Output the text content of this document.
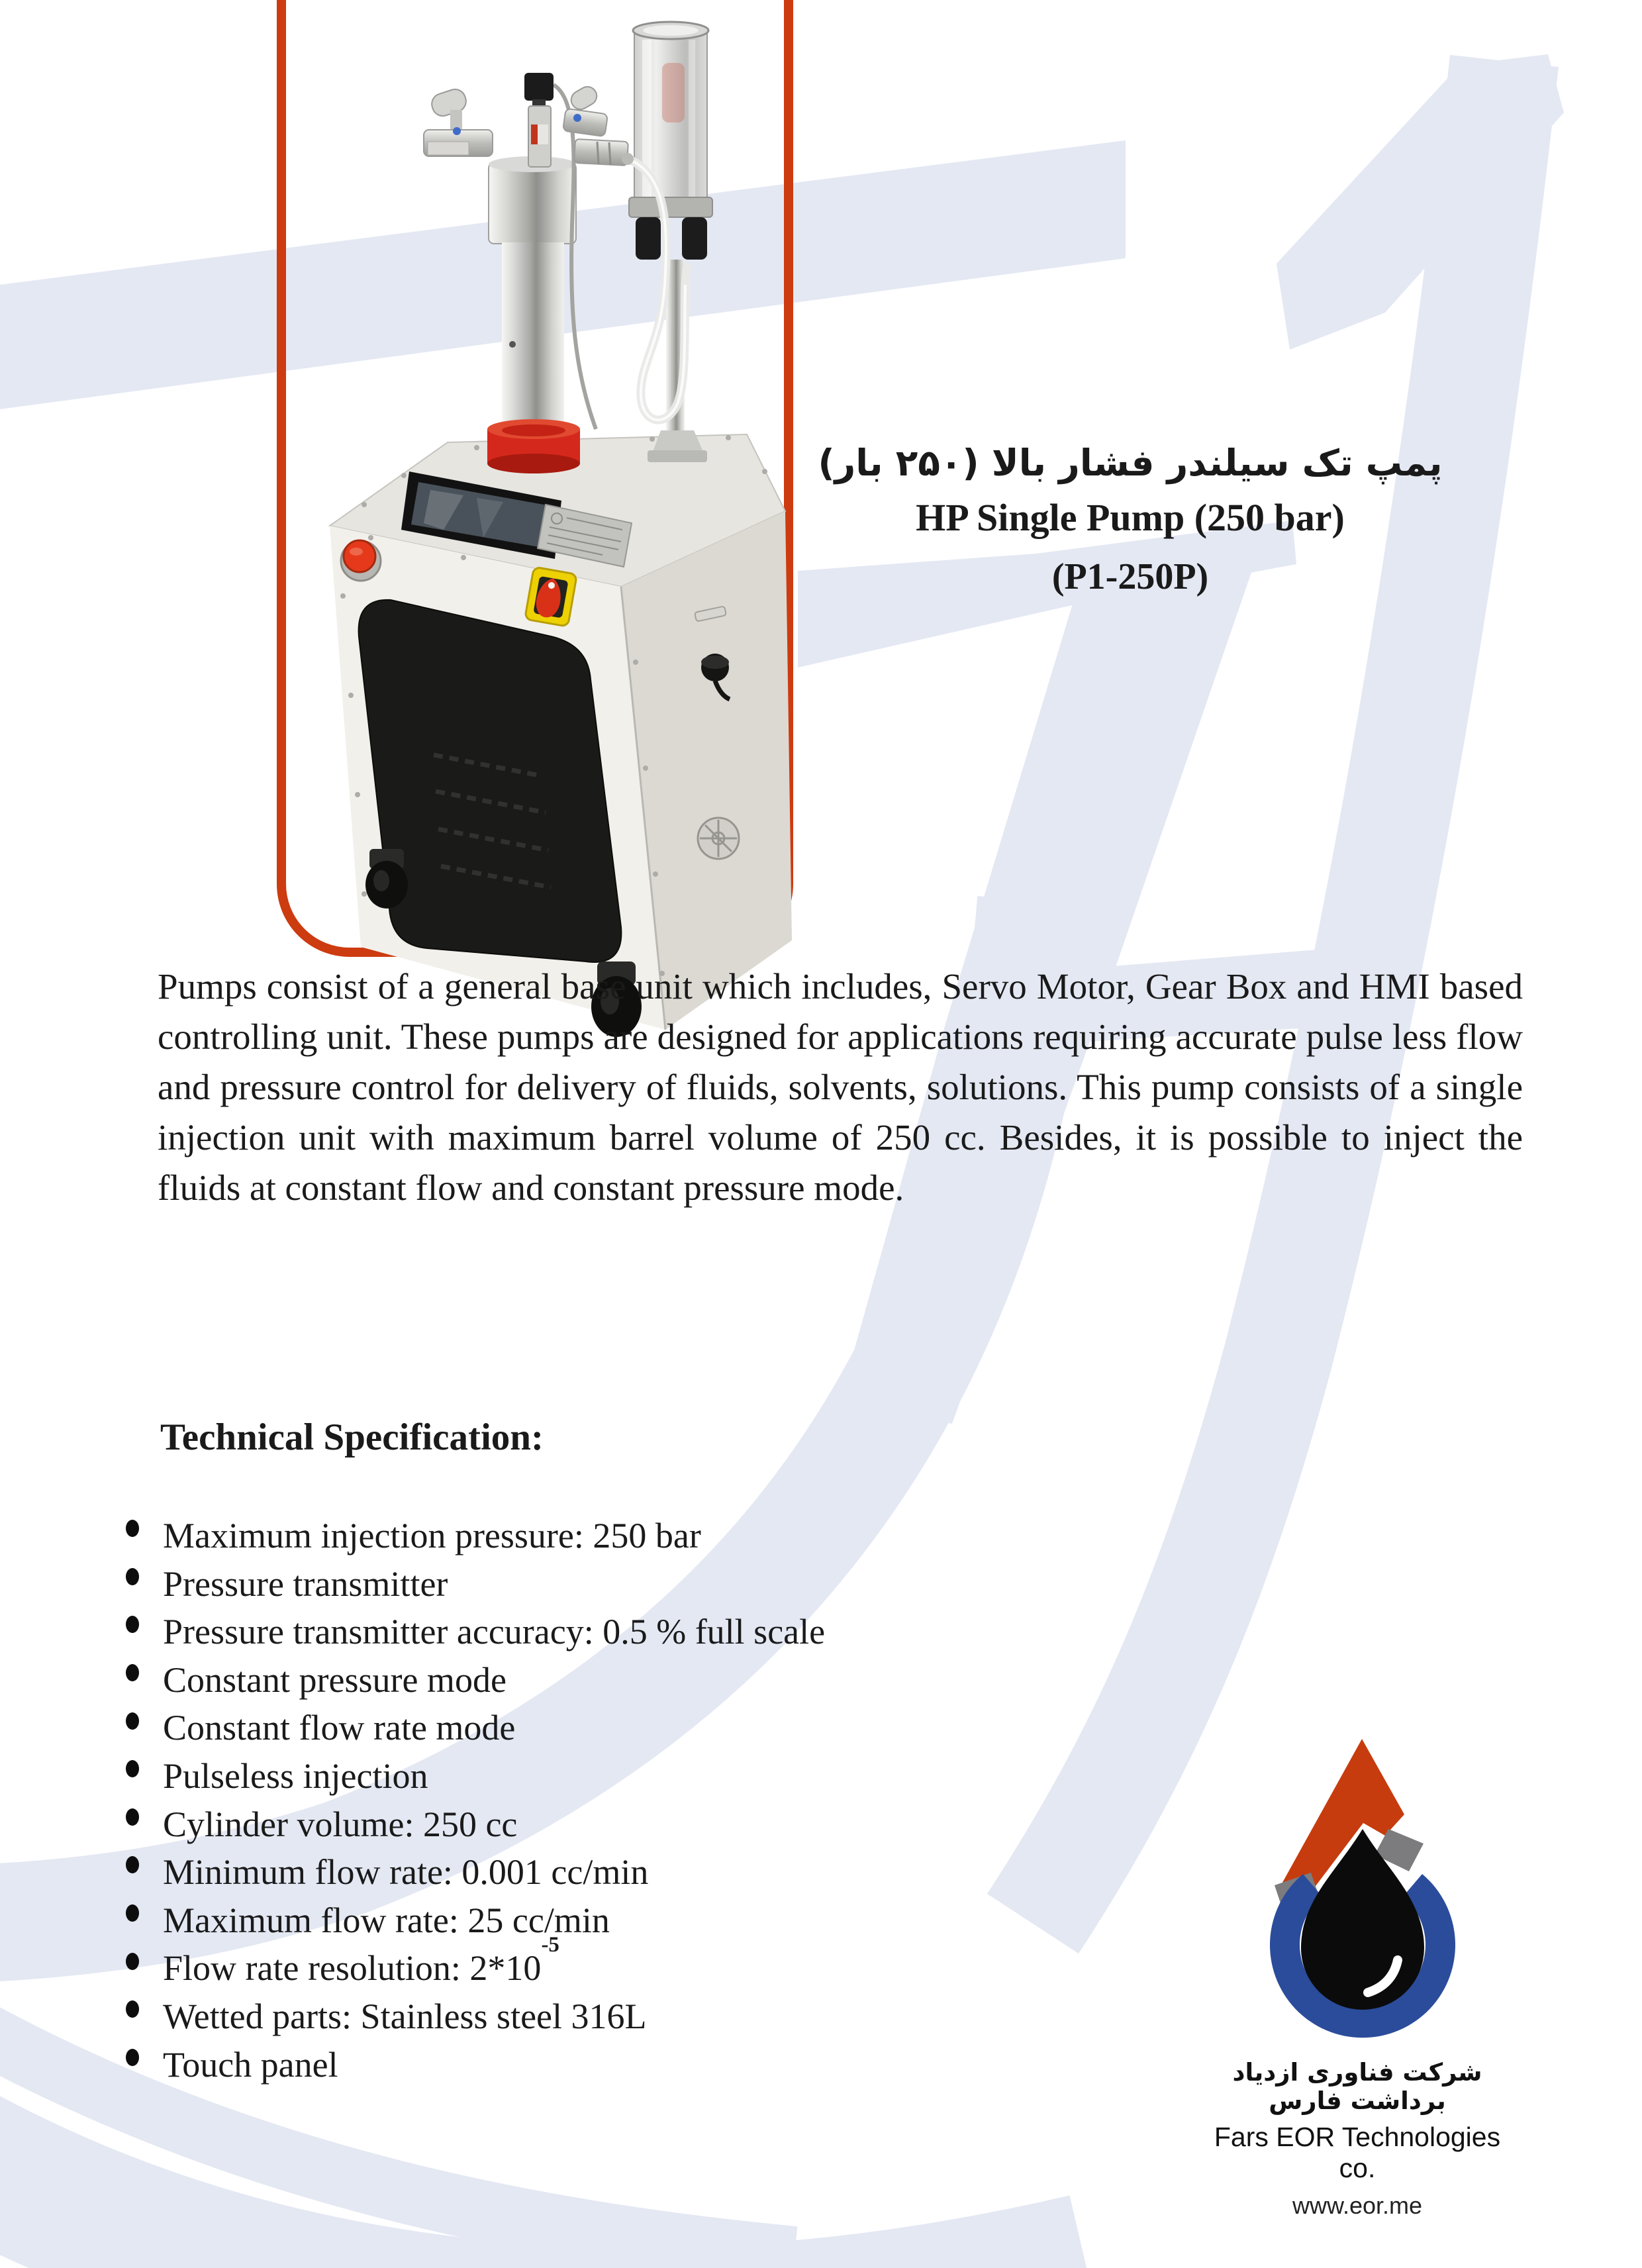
پمپ تک سیلندر فشار بالا (۲۵۰ بار)
HP Single Pump (250 bar)
(P1-250P)

Pumps consist of a general base unit which includes, Servo Motor, Gear Box and HMI based controlling unit. These pumps are designed for applications requiring accurate pulse less flow and pressure control for delivery of fluids, solvents, solutions. This pump consists of a single injection unit with maximum barrel volume of 250 cc. Besides, it is possible to inject the fluids at constant flow and constant pressure mode.

Technical Specification:
Maximum injection pressure: 250 bar
Pressure transmitter
Pressure transmitter accuracy: 0.5 % full scale
Constant pressure mode
Constant flow rate mode
Pulseless injection
Cylinder volume: 250 cc
Minimum flow rate: 0.001 cc/min
Maximum flow rate: 25 cc/min
Flow rate resolution: $2*10^{-5}$
Wetted parts: Stainless steel 316L
Touch panel	شرکت فناوری ازدیاد برداشت فارس
Fars EOR Technologies co.
www.eor.me
